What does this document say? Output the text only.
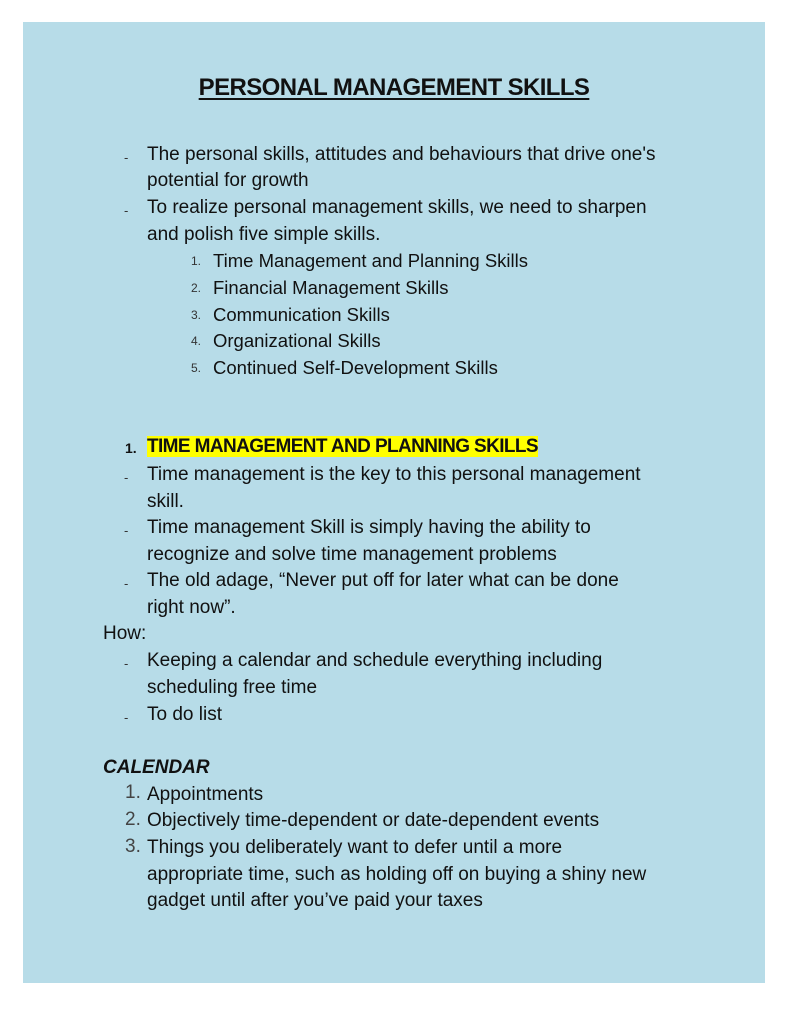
PERSONAL MANAGEMENT SKILLS
- The personal skills, attitudes and behaviours that drive one's
potential for growth
- To realize personal management skills, we need to sharpen
and polish five simple skills.
1. Time Management and Planning Skills
2. Financial Management Skills
3. Communication Skills
4. Organizational Skills
5. Continued Self-Development Skills
1. TIME MANAGEMENT AND PLANNING SKILLS
- Time management is the key to this personal management
skill.
- Time management Skill is simply having the ability to
recognize and solve time management problems
- The old adage, “Never put off for later what can be done
right now”.
How:
- Keeping a calendar and schedule everything including
scheduling free time
- To do list
CALENDAR
1. Appointments
2. Objectively time-dependent or date-dependent events
3. Things you deliberately want to defer until a more
appropriate time, such as holding off on buying a shiny new
gadget until after you’ve paid your taxes
